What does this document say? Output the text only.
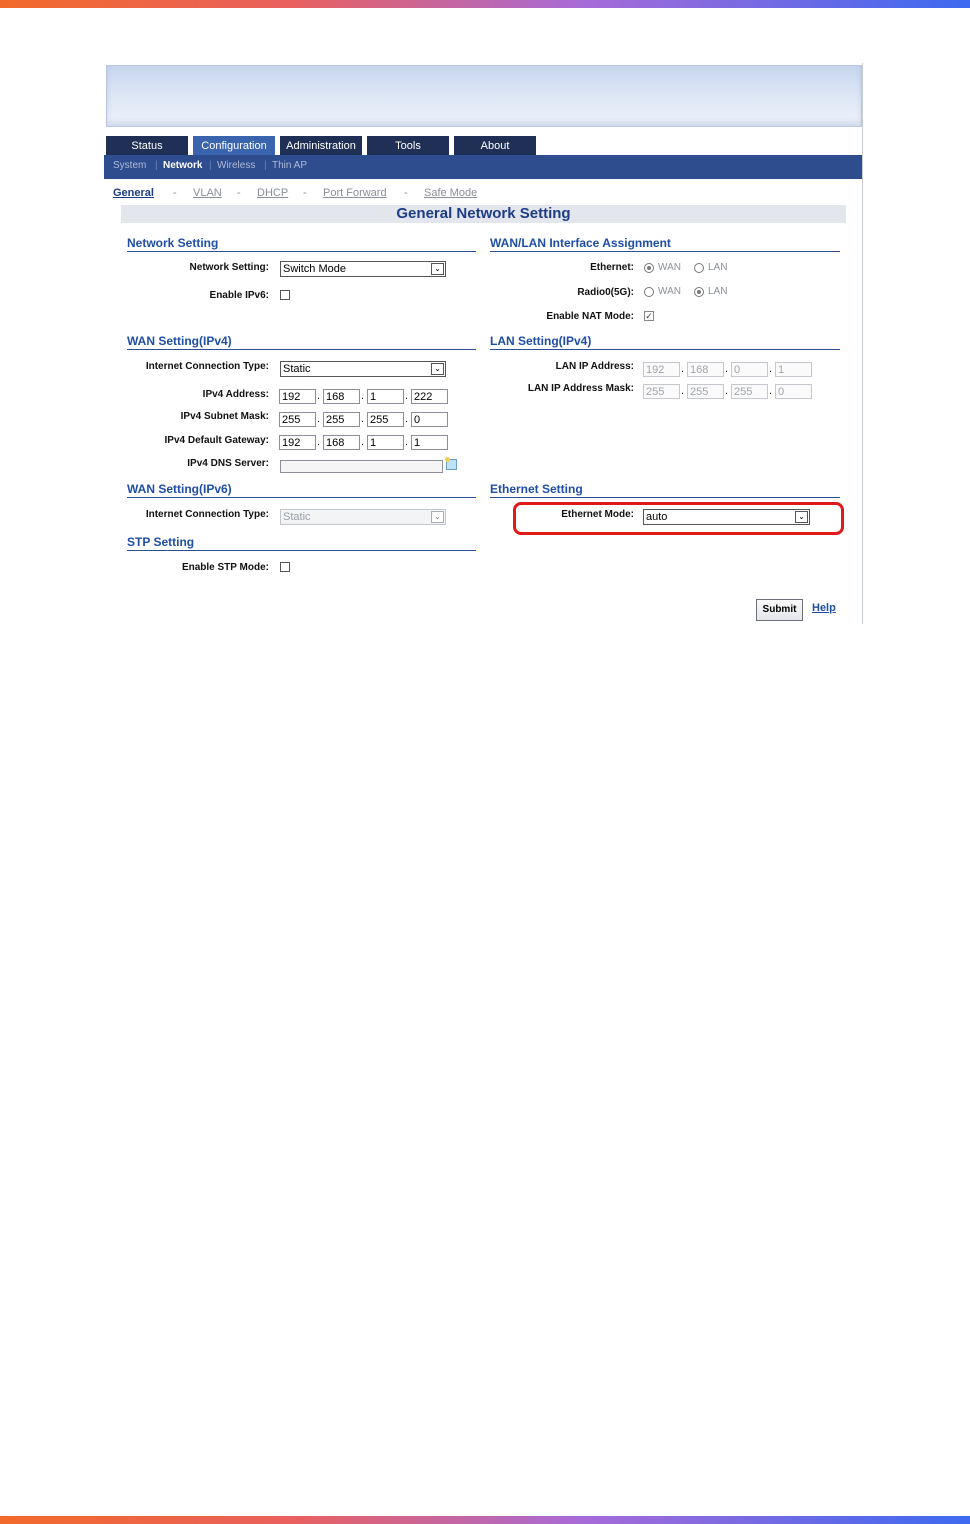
Status	Configuration	Administration	Tools	About
System | Network | Wireless | Thin AP
General - VLAN - DHCP - Port Forward - Safe Mode
General Network Setting
Network Setting
Network Setting: Switch Mode	⌄
Enable IPv6:
WAN Setting(IPv4)
Internet Connection Type: Static	⌄
IPv4 Address: 192	. 168	. 1	. 222
IPv4 Subnet Mask: 255	. 255	. 255	. 0
IPv4 Default Gateway: 192	. 168	. 1	. 1
IPv4 DNS Server:
WAN Setting(IPv6)
Internet Connection Type: Static	⌄
STP Setting
Enable STP Mode:
WAN/LAN Interface Assignment
Ethernet: WAN	LAN
Radio0(5G): WAN	LAN
Enable NAT Mode: ✓
LAN Setting(IPv4)
LAN IP Address: 192	. 168	. 0	. 1
LAN IP Address Mask: 255	. 255	. 255	. 0
Ethernet Setting
Ethernet Mode: auto	⌄
Submit	Help
